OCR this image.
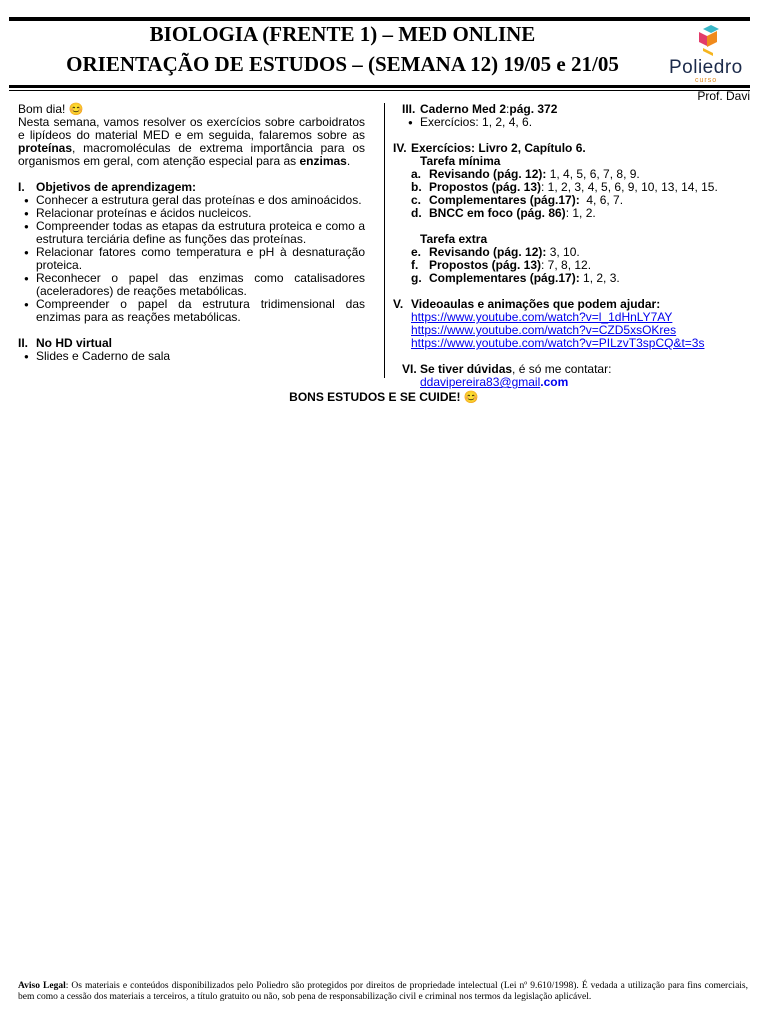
BIOLOGIA (FRENTE 1) – MED ONLINE
ORIENTAÇÃO DE ESTUDOS – (SEMANA 12) 19/05 e 21/05	Poliedro
curso
Prof. Davi

Bom dia! 😊

Nesta semana, vamos resolver os exercícios sobre carboidratos e lipídeos do material MED e em seguida, falaremos sobre as proteínas, macromoléculas de extrema importância para os organismos em geral, com atenção especial para as enzimas.

I. Objetivos de aprendizagem:
● Conhecer a estrutura geral das proteínas e dos aminoácidos.
● Relacionar proteínas e ácidos nucleicos.
● Compreender todas as etapas da estrutura proteica e como a estrutura terciária define as funções das proteínas.
● Relacionar fatores como temperatura e pH à desnaturação proteica.
● Reconhecer o papel das enzimas como catalisadores (aceleradores) de reações metabólicas.
● Compreender o papel da estrutura tridimensional das enzimas para as reações metabólicas.
II. No HD virtual
● Slides e Caderno de sala
III. Caderno Med 2 : pág. 372
● Exercícios: 1, 2, 4, 6.
IV. Exercícios: Livro 2, Capítulo 6.
Tarefa mínima
a. Revisando (pág. 12): 1, 4, 5, 6, 7, 8, 9.
b. Propostos (pág. 13): 1, 2, 3, 4, 5, 6, 9, 10, 13, 14, 15.
c. Complementares (pág.17):  4, 6, 7.
d. BNCC em foco (pág. 86): 1, 2.
Tarefa extra
e. Revisando (pág. 12): 3, 10.
f. Propostos (pág. 13): 7, 8, 12.
g. Complementares (pág.17): 1, 2, 3.
V. Videoaulas e animações que podem ajudar:
https://www.youtube.com/watch?v=l_1dHnLY7AY
https://www.youtube.com/watch?v=CZD5xsOKres
https://www.youtube.com/watch?v=PILzvT3spCQ&t=3s
VI. Se tiver dúvidas, é só me contatar: ddavipereira83@gmail.com
BONS ESTUDOS E SE CUIDE! 😊
Aviso Legal: Os materiais e conteúdos disponibilizados pelo Poliedro são protegidos por direitos de propriedade intelectual (Lei nº 9.610/1998). É vedada a utilização para fins comerciais, bem como a cessão dos materiais a terceiros, a título gratuito ou não, sob pena de responsabilização civil e criminal nos termos da legislação aplicável.
